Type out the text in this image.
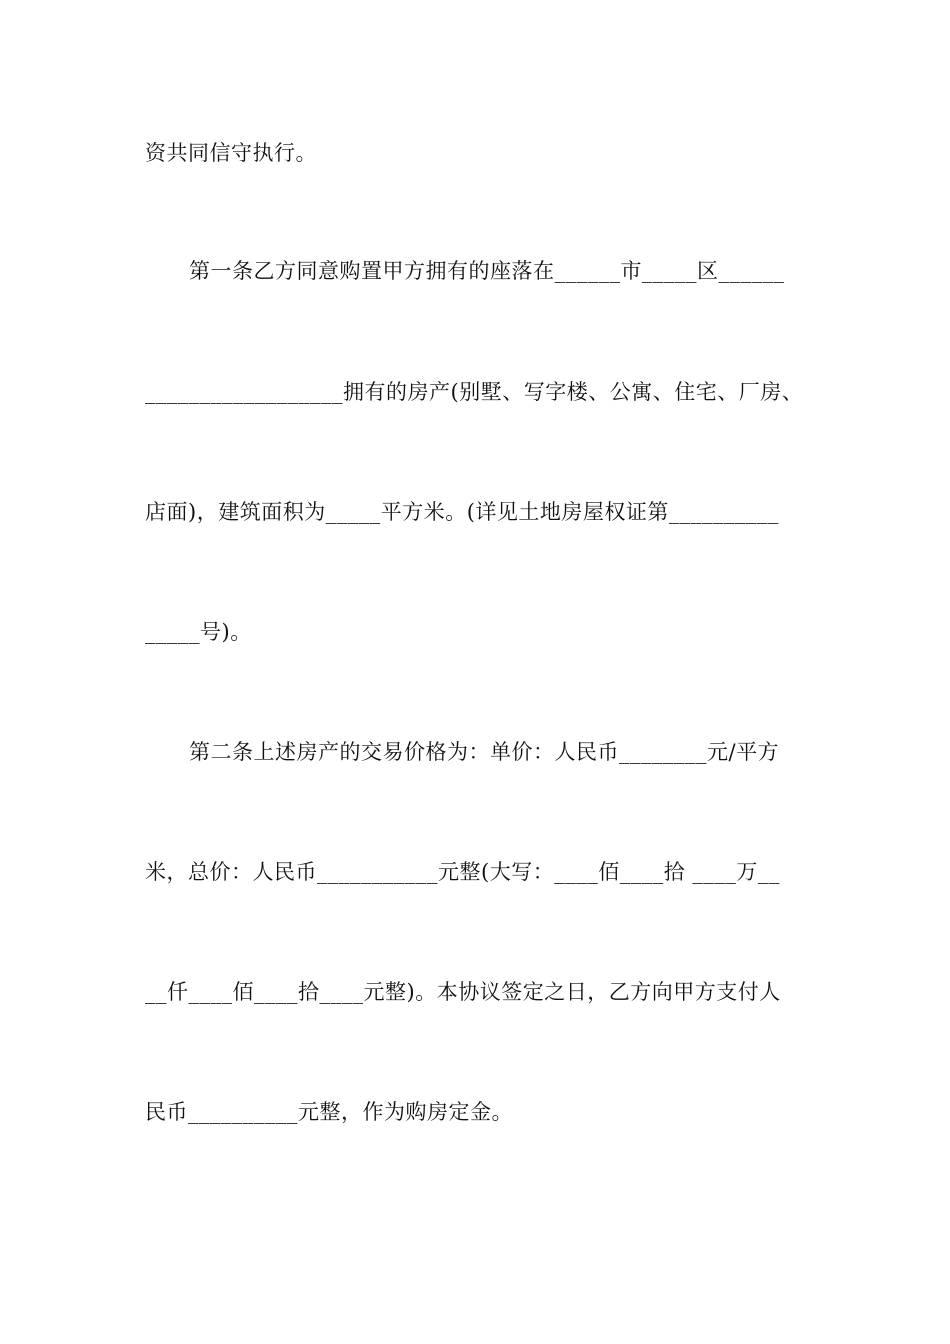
资共同信守执行。
第一条乙方同意购置甲方拥有的座落在______市_____区______
__________________拥有的房产(别墅、写字楼、公寓、住宅、厂房、
店面)，建筑面积为_____平方米。(详见土地房屋权证第__________
_____号)。
第二条上述房产的交易价格为：单价：人民币________元/平方
米，总价：人民币___________元整(大写：____佰____拾 ____万__
__仟____佰____拾____元整)。本协议签定之日，乙方向甲方支付人
民币__________元整，作为购房定金。
